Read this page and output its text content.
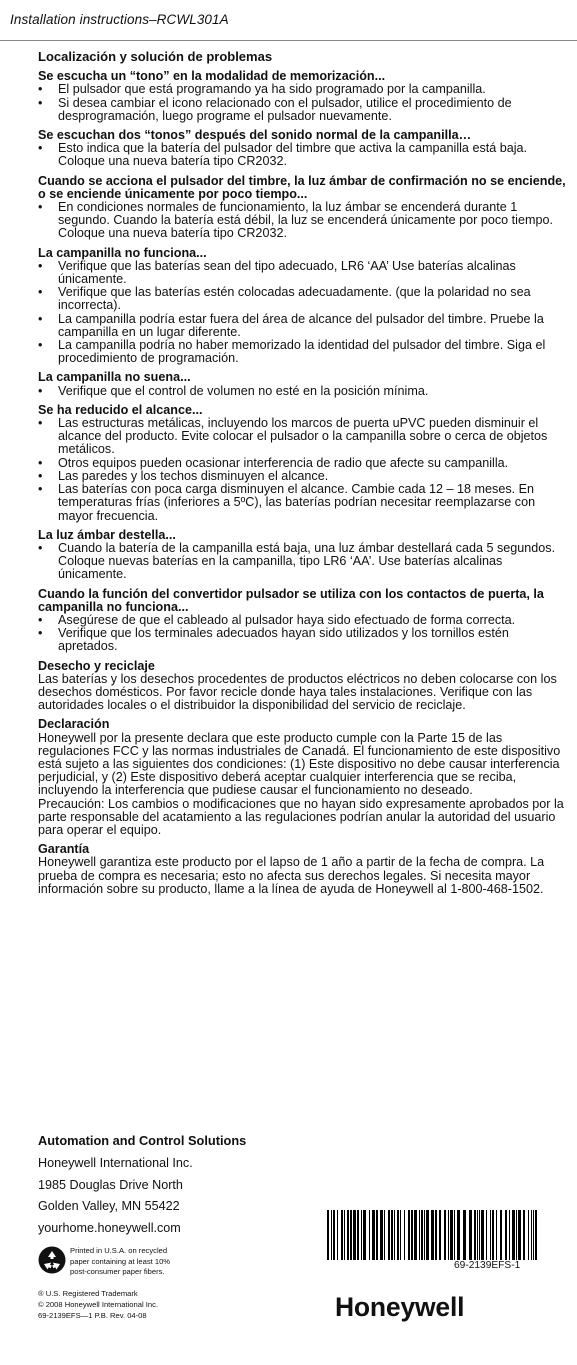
Installation instructions–RCWL301A
Localización y solución de problemas
Se escucha un “tono” en la modalidad de memorización...
• El pulsador que está programando ya ha sido programado por la campanilla.
• Si desea cambiar el icono relacionado con el pulsador, utilice el procedimiento de desprogramación, luego programe el pulsador nuevamente.
Se escuchan dos “tonos” después del sonido normal de la campanilla…
• Esto indica que la batería del pulsador del timbre que activa la campanilla está baja. Coloque una nueva batería tipo CR2032.
Cuando se acciona el pulsador del timbre, la luz ámbar de confirmación no se enciende, o se enciende únicamente por poco tiempo...
• En condiciones normales de funcionamiento, la luz ámbar se encenderá durante 1 segundo. Cuando la batería está débil, la luz se encenderá únicamente por poco tiempo. Coloque una nueva batería tipo CR2032.
La campanilla no funciona...
• Verifique que las baterías sean del tipo adecuado, LR6 ‘AA’ Use baterías alcalinas únicamente.
• Verifique que las baterías estén colocadas adecuadamente. (que la polaridad no sea incorrecta).
• La campanilla podría estar fuera del área de alcance del pulsador del timbre. Pruebe la campanilla en un lugar diferente.
• La campanilla podría no haber memorizado la identidad del pulsador del timbre. Siga el procedimiento de programación.
La campanilla no suena...
• Verifique que el control de volumen no esté en la posición mínima.
Se ha reducido el alcance...
• Las estructuras metálicas, incluyendo los marcos de puerta uPVC pueden disminuir el alcance del producto. Evite colocar el pulsador o la campanilla sobre o cerca de objetos metálicos.
• Otros equipos pueden ocasionar interferencia de radio que afecte su campanilla.
• Las paredes y los techos disminuyen el alcance.
• Las baterías con poca carga disminuyen el alcance. Cambie cada 12 – 18 meses. En temperaturas frías (inferiores a 5ºC), las baterías podrían necesitar reemplazarse con mayor frecuencia.
La luz ámbar destella...
• Cuando la batería de la campanilla está baja, una luz ámbar destellará cada 5 segundos. Coloque nuevas baterías en la campanilla, tipo LR6 ‘AA’. Use baterías alcalinas únicamente.
Cuando la función del convertidor pulsador se utiliza con los contactos de puerta, la campanilla no funciona...
• Asegúrese de que el cableado al pulsador haya sido efectuado de forma correcta.
• Verifique que los terminales adecuados hayan sido utilizados y los tornillos estén apretados.
Desecho y reciclaje

Las baterías y los desechos procedentes de productos eléctricos no deben colocarse con los desechos domésticos. Por favor recicle donde haya tales instalaciones. Verifique con las autoridades locales o el distribuidor la disponibilidad del servicio de reciclaje.

Declaración

Honeywell por la presente declara que este producto cumple con la Parte 15 de las regulaciones FCC y las normas industriales de Canadá. El funcionamiento de este dispositivo está sujeto a las siguientes dos condiciones: (1) Este dispositivo no debe causar interferencia perjudicial, y (2) Este dispositivo deberá aceptar cualquier interferencia que se reciba, incluyendo la interferencia que pudiese causar el funcionamiento no deseado.

Precaución: Los cambios o modificaciones que no hayan sido expresamente aprobados por la parte responsable del acatamiento a las regulaciones podrían anular la autoridad del usuario para operar el equipo.

Garantía

Honeywell garantiza este producto por el lapso de 1 año a partir de la fecha de compra. La prueba de compra es necesaria; esto no afecta sus derechos legales. Si necesita mayor información sobre su producto, llame a la línea de ayuda de Honeywell al 1-800-468-1502.

Automation and Control Solutions
Honeywell International Inc.
1985 Douglas Drive North
Golden Valley, MN 55422
yourhome.honeywell.com
Printed in U.S.A. on recycled
paper containing at least 10%
post-consumer paper fibers.
® U.S. Registered Trademark
© 2008 Honeywell International Inc.
69-2139EFS—1 P.B. Rev. 04-08
69-2139EFS-1
Honeywell
